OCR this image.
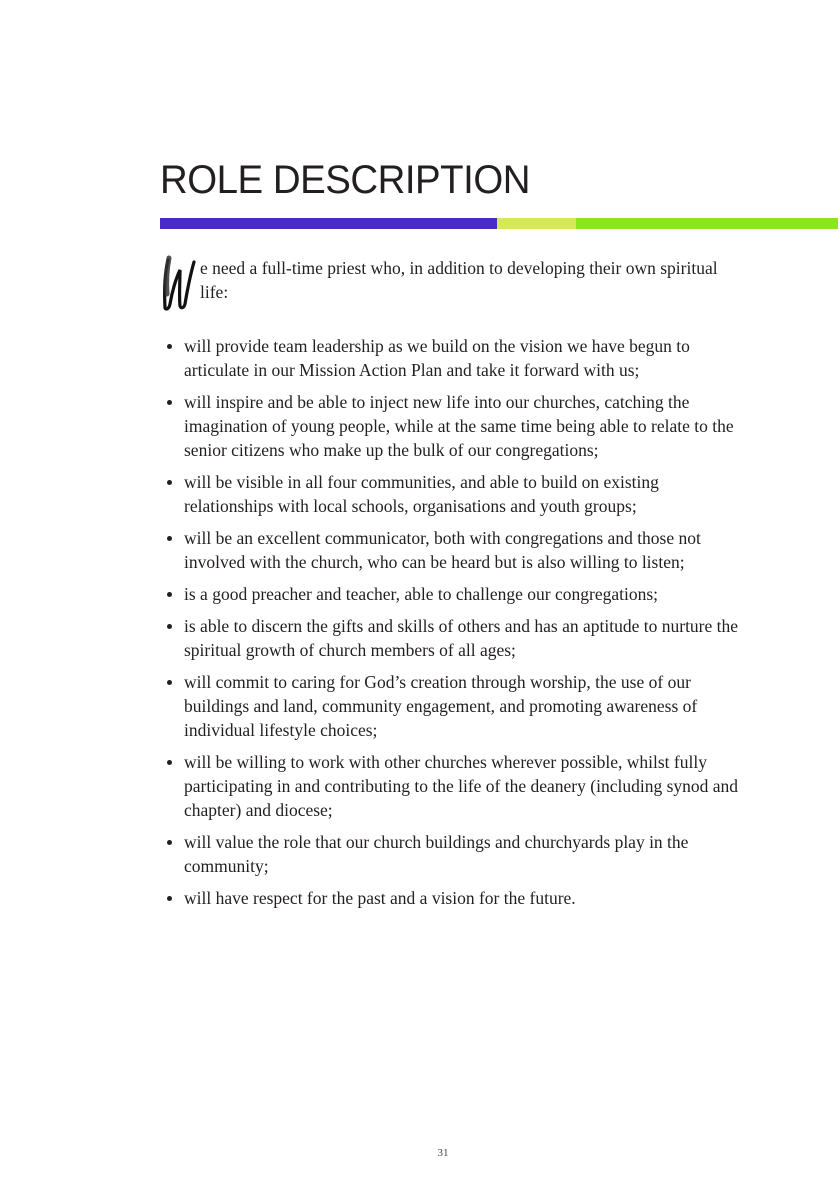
ROLE DESCRIPTION
e need a full-time priest who, in addition to developing their own spiritual life:
will provide team leadership as we build on the vision we have begun to articulate in our Mission Action Plan and take it forward with us;
will inspire and be able to inject new life into our churches, catching the imagination of young people, while at the same time being able to relate to the senior citizens who make up the bulk of our congregations;
will be visible in all four communities, and able to build on existing relationships with local schools, organisations and youth groups;
will be an excellent communicator, both with congregations and those not involved with the church, who can be heard but is also willing to listen;
is a good preacher and teacher, able to challenge our congregations;
is able to discern the gifts and skills of others and has an aptitude to nurture the spiritual growth of church members of all ages;
will commit to caring for God’s creation through worship, the use of our buildings and land, community engagement, and promoting awareness of individual lifestyle choices;
will be willing to work with other churches wherever possible, whilst fully participating in and contributing to the life of the deanery (including synod and chapter) and diocese;
will value the role that our church buildings and churchyards play in the community;
will have respect for the past and a vision for the future.
31
